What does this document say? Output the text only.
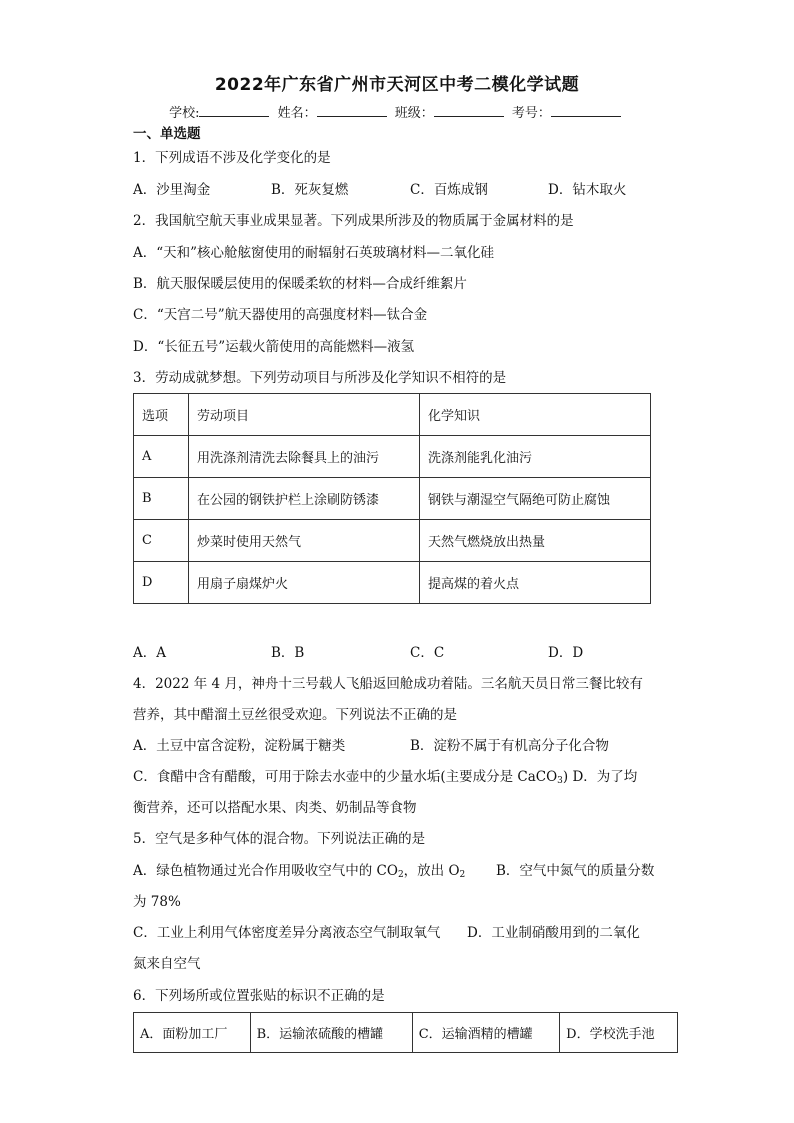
2022年广东省广州市天河区中考二模化学试题
学校:	姓名：	班级：	考号：
一、单选题
1．下列成语不涉及化学变化的是
A．沙里淘金	B．死灰复燃	C．百炼成钢	D．钻木取火
2．我国航空航天事业成果显著。下列成果所涉及的物质属于金属材料的是
A．“天和”核心舱舷窗使用的耐辐射石英玻璃材料—二氧化硅
B．航天服保暖层使用的保暖柔软的材料—合成纤维絮片
C．“天宫二号”航天器使用的高强度材料—钛合金
D．“长征五号”运载火箭使用的高能燃料—液氢
3．劳动成就梦想。下列劳动项目与所涉及化学知识不相符的是
选项	劳动项目	化学知识
A	用洗涤剂清洗去除餐具上的油污	洗涤剂能乳化油污
B	在公园的钢铁护栏上涂刷防锈漆	钢铁与潮湿空气隔绝可防止腐蚀
C	炒菜时使用天然气	天然气燃烧放出热量
D	用扇子扇煤炉火	提高煤的着火点
A．A	B．B	C．C	D．D
4．2022 年 4 月，神舟十三号载人飞船返回舱成功着陆。三名航天员日常三餐比较有
营养，其中醋溜土豆丝很受欢迎。下列说法不正确的是
A．土豆中富含淀粉，淀粉属于糖类	B．淀粉不属于有机高分子化合物
C．食醋中含有醋酸，可用于除去水壶中的少量水垢(主要成分是 CaCO$_3$) D．为了均
衡营养，还可以搭配水果、肉类、奶制品等食物
5．空气是多种气体的混合物。下列说法正确的是
A．绿色植物通过光合作用吸收空气中的 $CO_2$，放出 $O_2$ B．空气中氮气的质量分数
为 78%
C．工业上利用气体密度差异分离液态空气制取氧气 D．工业制硝酸用到的二氧化
氮来自空气
6．下列场所或位置张贴的标识不正确的是
A．面粉加工厂	B．运输浓硫酸的槽罐	C．运输酒精的槽罐	D．学校洗手池
